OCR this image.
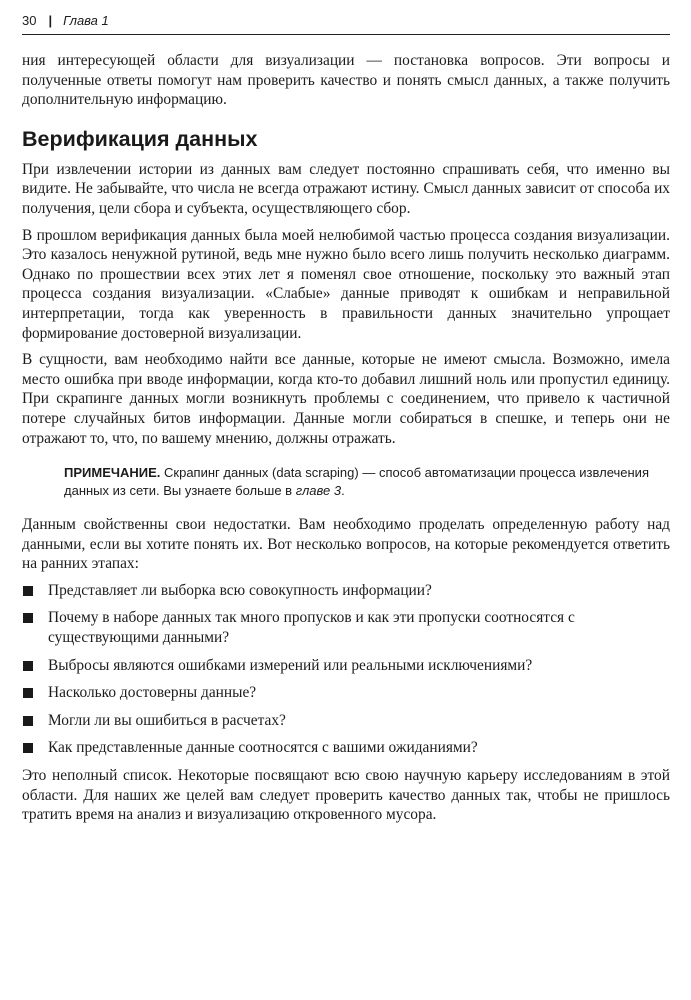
30 | Глава 1

ния интересующей области для визуализации — постановка вопросов. Эти вопросы и полученные ответы помогут нам проверить качество и понять смысл данных, а также получить дополнительную информацию.

Верификация данных

При извлечении истории из данных вам следует постоянно спрашивать себя, что именно вы видите. Не забывайте, что числа не всегда отражают истину. Смысл данных зависит от способа их получения, цели сбора и субъекта, осуществляющего сбор.

В прошлом верификация данных была моей нелюбимой частью процесса создания визуализации. Это казалось ненужной рутиной, ведь мне нужно было всего лишь получить несколько диаграмм. Однако по прошествии всех этих лет я поменял свое отношение, поскольку это важный этап процесса создания визуализации. «Слабые» данные приводят к ошибкам и неправильной интерпретации, тогда как уверенность в правильности данных значительно упрощает формирование достоверной визуализации.

В сущности, вам необходимо найти все данные, которые не имеют смысла. Возможно, имела место ошибка при вводе информации, когда кто-то добавил лишний ноль или пропустил единицу. При скрапинге данных могли возникнуть проблемы с соединением, что привело к частичной потере случайных битов информации. Данные могли собираться в спешке, и теперь они не отражают то, что, по вашему мнению, должны отражать.

ПРИМЕЧАНИЕ. Скрапинг данных (data scraping) — способ автоматизации процесса извлечения данных из сети. Вы узнаете больше в главе 3.

Данным свойственны свои недостатки. Вам необходимо проделать определенную работу над данными, если вы хотите понять их. Вот несколько вопросов, на которые рекомендуется ответить на ранних этапах:

Представляет ли выборка всю совокупность информации?
Почему в наборе данных так много пропусков и как эти пропуски соотносятся с существующими данными?
Выбросы являются ошибками измерений или реальными исключениями?
Насколько достоверны данные?
Могли ли вы ошибиться в расчетах?
Как представленные данные соотносятся с вашими ожиданиями?

Это неполный список. Некоторые посвящают всю свою научную карьеру исследованиям в этой области. Для наших же целей вам следует проверить качество данных так, чтобы не пришлось тратить время на анализ и визуализацию откровенного мусора.
